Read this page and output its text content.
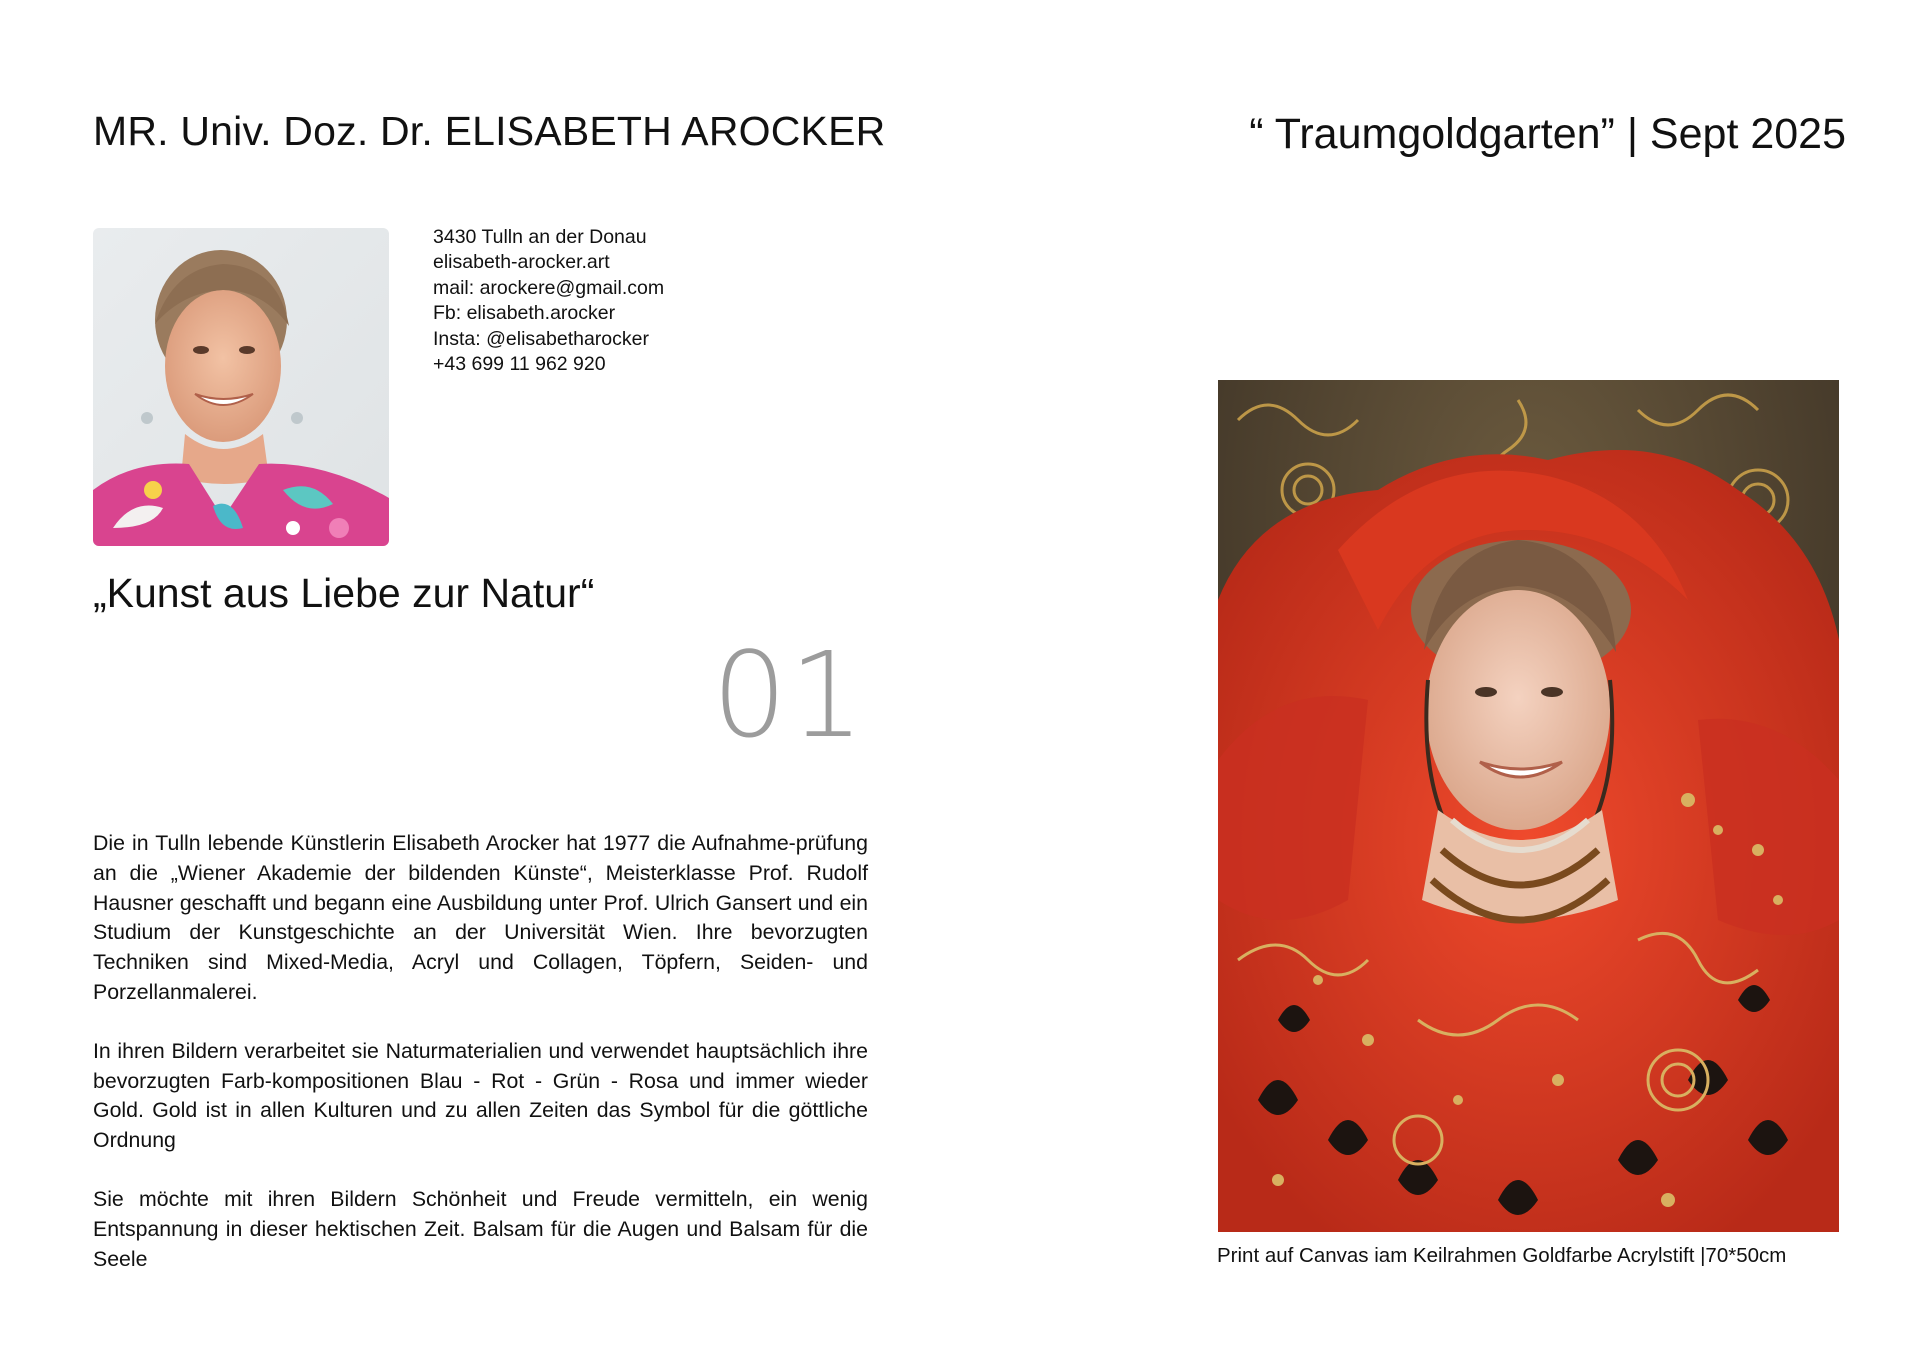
MR. Univ. Doz. Dr. ELISABETH AROCKER	“ Traumgoldgarten” | Sept 2025
3430 Tulln an der Donau
elisabeth-arocker.art
mail: arockere@gmail.com
Fb: elisabeth.arocker
Insta: @elisabetharocker
+43 699 11 962 920
„Kunst aus Liebe zur Natur“
01

Die in Tulln lebende Künstlerin Elisabeth Arocker hat 1977 die Aufnahme-prüfung an die „Wiener Akademie der bildenden Künste“, Meisterklasse Prof. Rudolf Hausner geschafft und begann eine Ausbildung unter Prof. Ulrich Gansert und ein Studium der Kunstgeschichte an der Universität Wien. Ihre bevorzugten Techniken sind Mixed-Media, Acryl und Collagen, Töpfern, Seiden- und Porzellanmalerei.

In ihren Bildern verarbeitet sie Naturmaterialien und verwendet hauptsächlich ihre bevorzugten Farb-kompositionen Blau - Rot - Grün - Rosa und immer wieder Gold. Gold ist in allen Kulturen und zu allen Zeiten das Symbol für die göttliche Ordnung

Sie möchte mit ihren Bildern Schönheit und Freude vermitteln, ein wenig Entspannung in dieser hektischen Zeit. Balsam für die Augen und Balsam für die Seele	Print auf Canvas iam Keilrahmen Goldfarbe Acrylstift |70*50cm
